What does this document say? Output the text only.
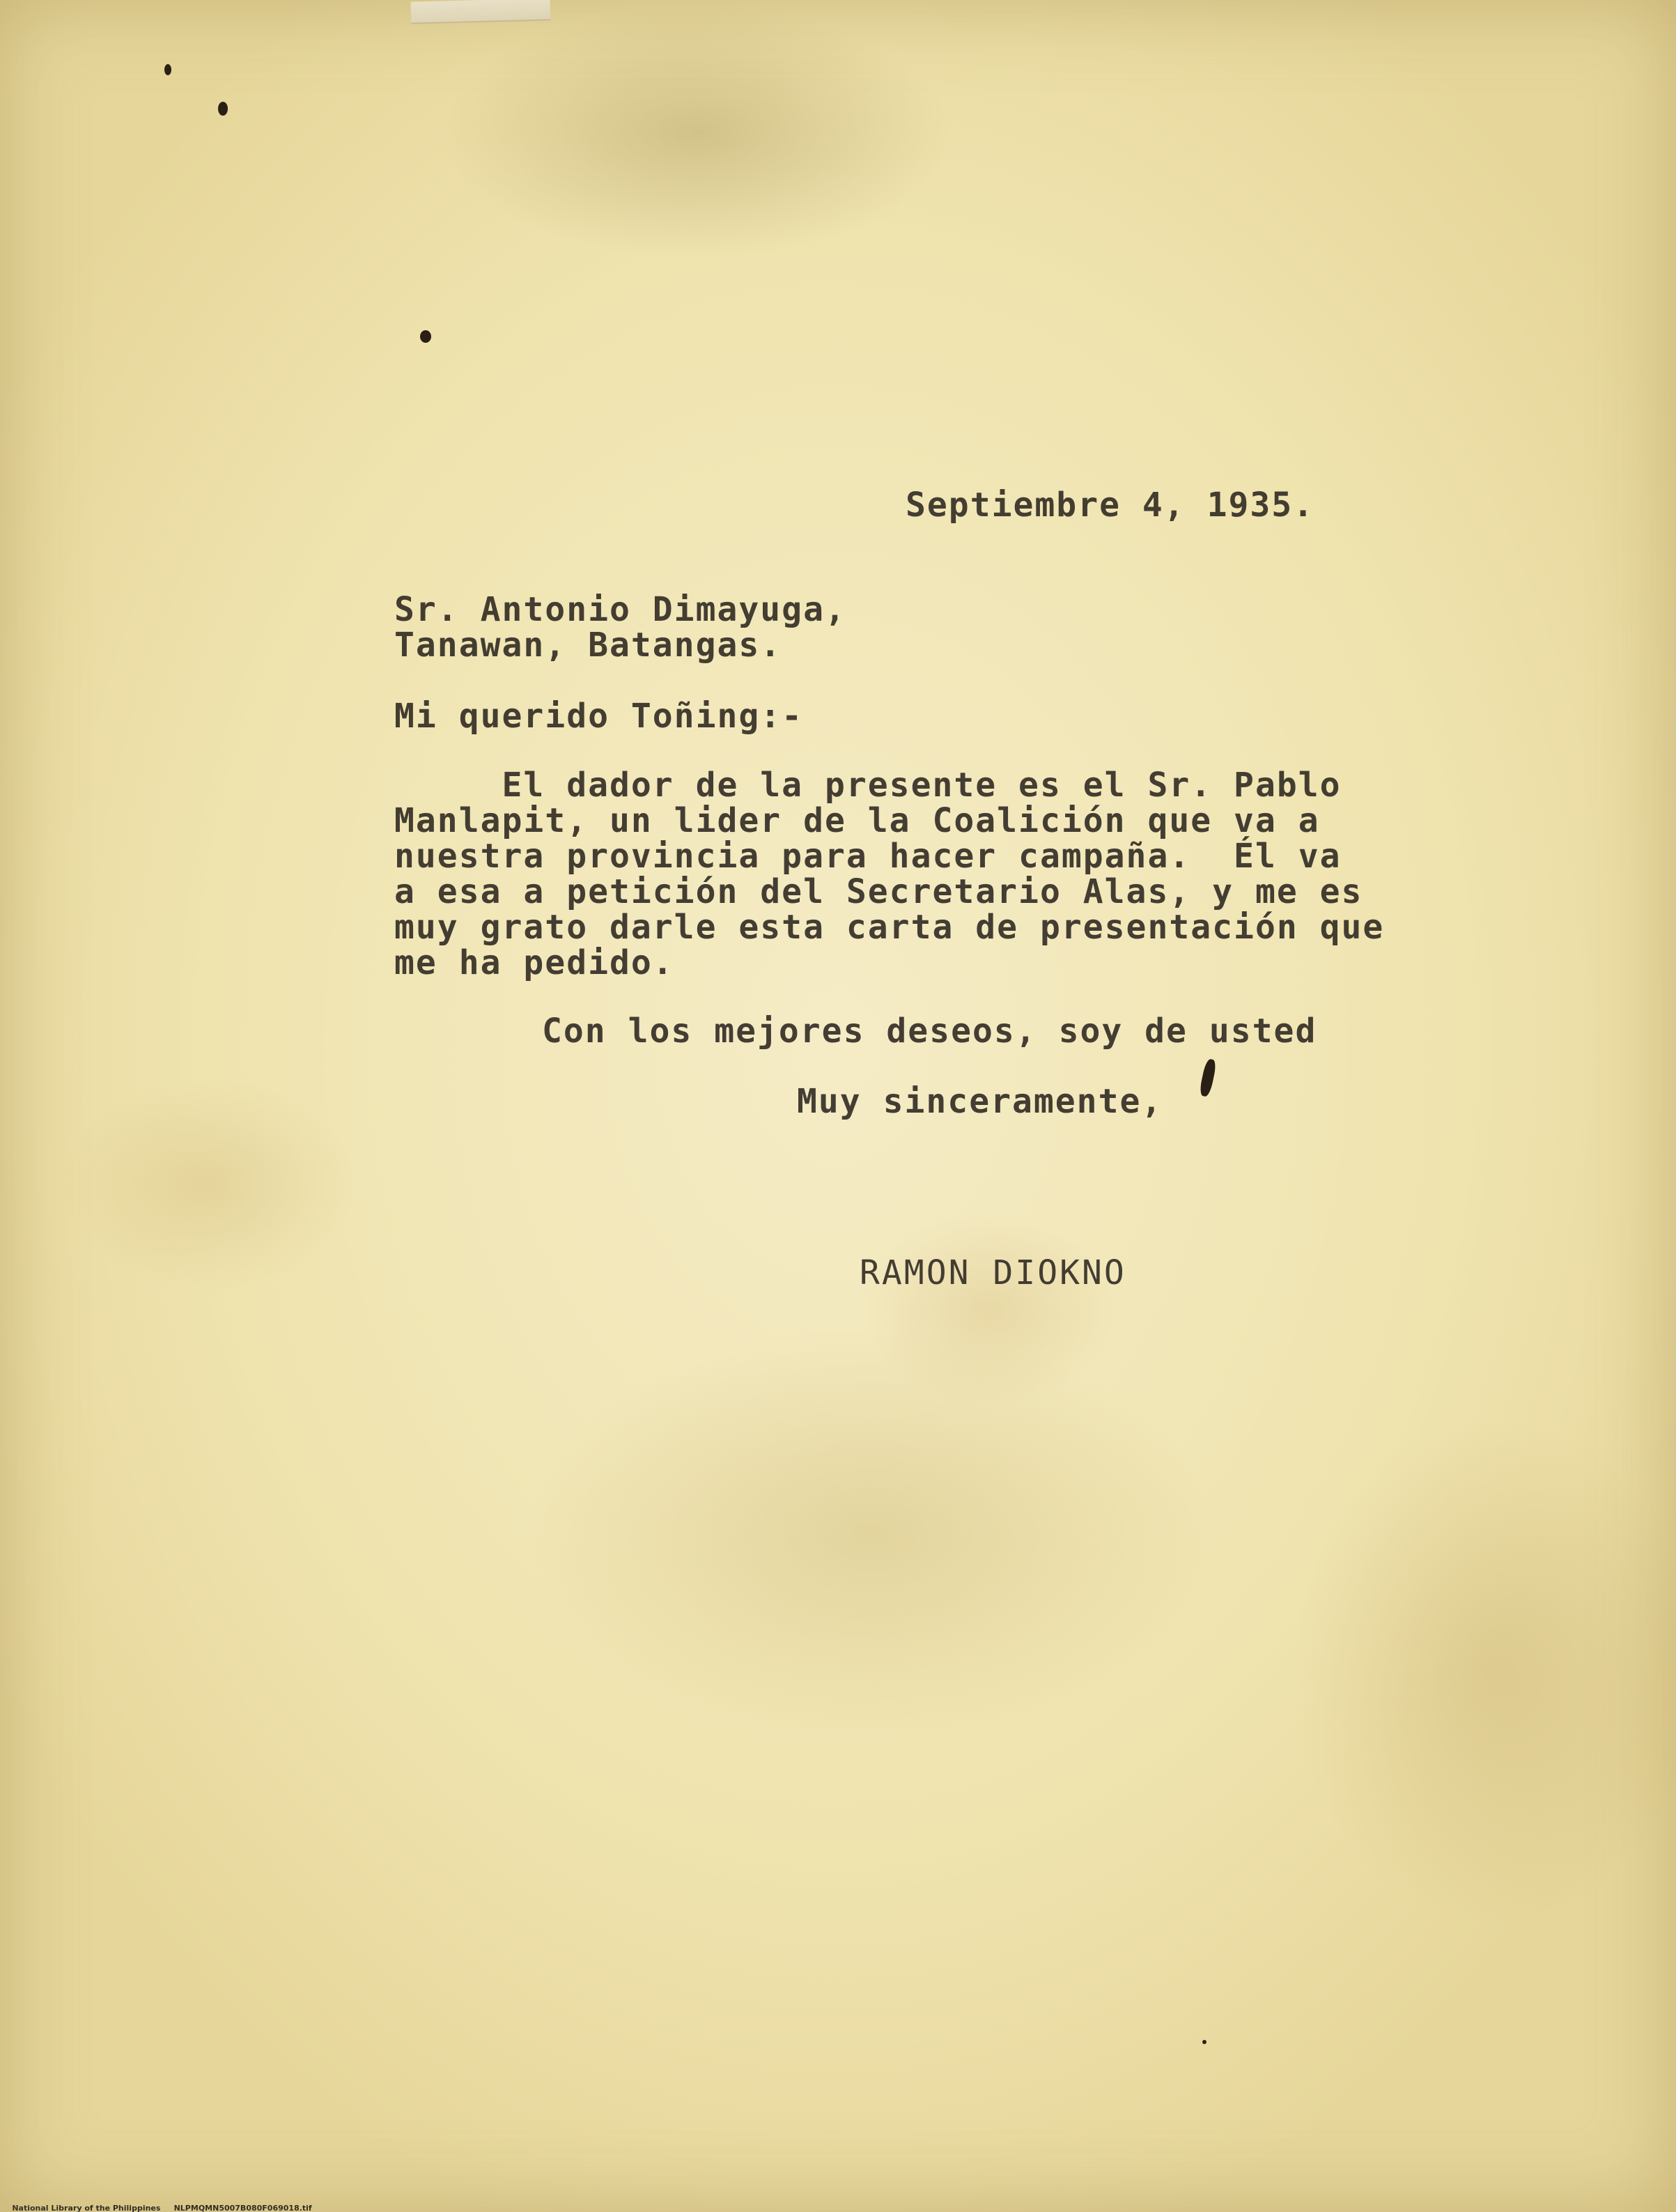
Septiembre 4, 1935.
Sr. Antonio Dimayuga,
Tanawan, Batangas.
Mi querido Toñing:-
El dador de la presente es el Sr. Pablo
Manlapit, un lider de la Coalición que va a
nuestra provincia para hacer campaña.  Él va
a esa a petición del Secretario Alas, y me es
muy grato darle esta carta de presentación que
me ha pedido.
Con los mejores deseos, soy de usted
Muy sinceramente,
RAMON DIOKNO

National Library of the Philippines NLPMQMN5007B080F069018.tif
